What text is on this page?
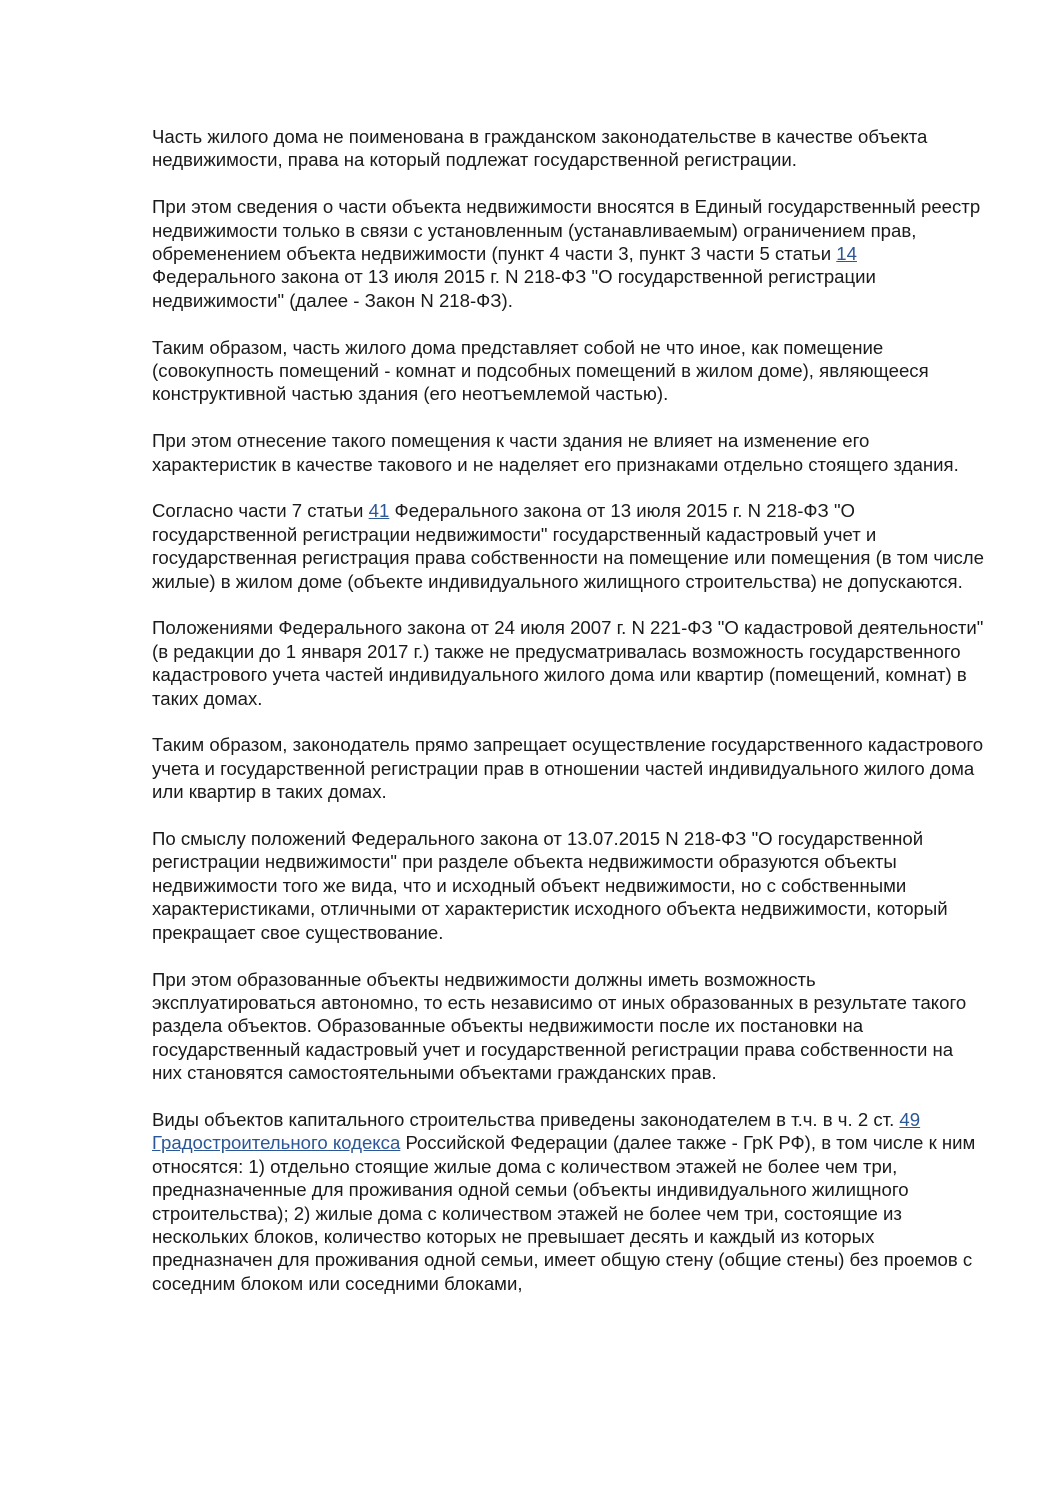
Часть жилого дома не поименована в гражданском законодательстве в качестве объекта недвижимости, права на который подлежат государственной регистрации.

При этом сведения о части объекта недвижимости вносятся в Единый государственный реестр недвижимости только в связи с установленным (устанавливаемым) ограничением прав, обременением объекта недвижимости (пункт 4 части 3, пункт 3 части 5 статьи 14 Федерального закона от 13 июля 2015 г. N 218-ФЗ "О государственной регистрации недвижимости" (далее - Закон N 218-ФЗ).

Таким образом, часть жилого дома представляет собой не что иное, как помещение (совокупность помещений - комнат и подсобных помещений в жилом доме), являющееся конструктивной частью здания (его неотъемлемой частью).

При этом отнесение такого помещения к части здания не влияет на изменение его характеристик в качестве таковoго и не наделяет его признаками отдельно стоящего здания.

Согласно части 7 статьи 41 Федерального закона от 13 июля 2015 г. N 218-ФЗ "О государственной регистрации недвижимости" государственный кадастровый учет и государственная регистрация права собственности на помещение или помещения (в том числе жилые) в жилом доме (объекте индивидуального жилищного строительства) не допускаются.

Положениями Федерального закона от 24 июля 2007 г. N 221-ФЗ "О кадастровой деятельности" (в редакции до 1 января 2017 г.) также не предусматривалась возможность государственного кадастрового учета частей индивидуального жилого дома или квартир (помещений, комнат) в таких домах.

Таким образом, законодатель прямо запрещает осуществление государственного кадастрового учета и государственной регистрации прав в отношении частей индивидуального жилого дома или квартир в таких домах.

По смыслу положений Федерального закона от 13.07.2015 N 218-ФЗ "О государственной регистрации недвижимости" при разделе объекта недвижимости образуются объекты недвижимости того же вида, что и исходный объект недвижимости, но с собственными характеристиками, отличными от характеристик исходного объекта недвижимости, который прекращает свое существование.

При этом образованные объекты недвижимости должны иметь возможность эксплуатироваться автономно, то есть независимо от иных образованных в результате такого раздела объектов. Образованные объекты недвижимости после их постановки на государственный кадастровый учет и государственной регистрации права собственности на них становятся самостоятельными объектами гражданских прав.

Виды объектов капитального строительства приведены законодателем в т.ч. в ч. 2 ст. 49 Градостроительного кодекса Российской Федерации (далее также - ГрК РФ), в том числе к ним относятся: 1) отдельно стоящие жилые дома с количеством этажей не более чем три, предназначенные для проживания одной семьи (объекты индивидуального жилищного строительства); 2) жилые дома с количеством этажей не более чем три, состоящие из нескольких блоков, количество которых не превышает десять и каждый из которых предназначен для проживания одной семьи, имеет общую стену (общие стены) без проемов с соседним блоком или соседними блоками,
